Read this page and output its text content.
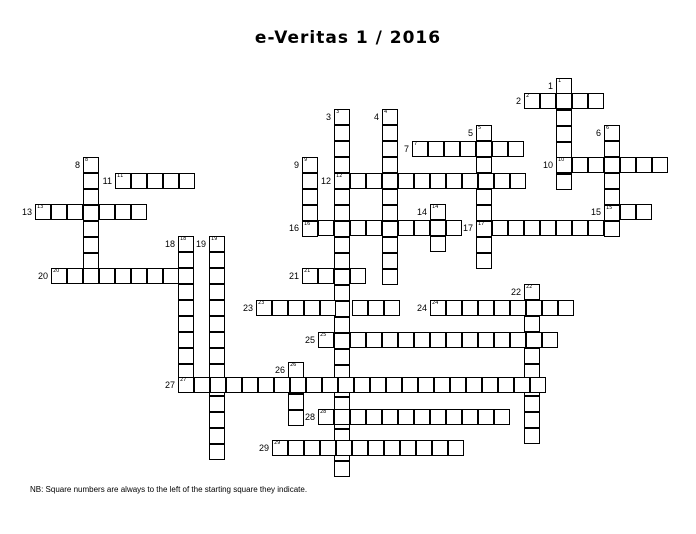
e-Veritas 1 / 2016
1
1
2
2
3
12
3	4
4
5
17
5	6
15
6
7
7
8
8	9
16
9	10
10
11
11	12
13
13	14
14	15
16	17
18
18	19
19
20
20	21
21
22
22
23
23	24
24
25
25
26
26
27
27
28
28
29
29
NB: Square numbers are always to the left of the starting square they indicate.
